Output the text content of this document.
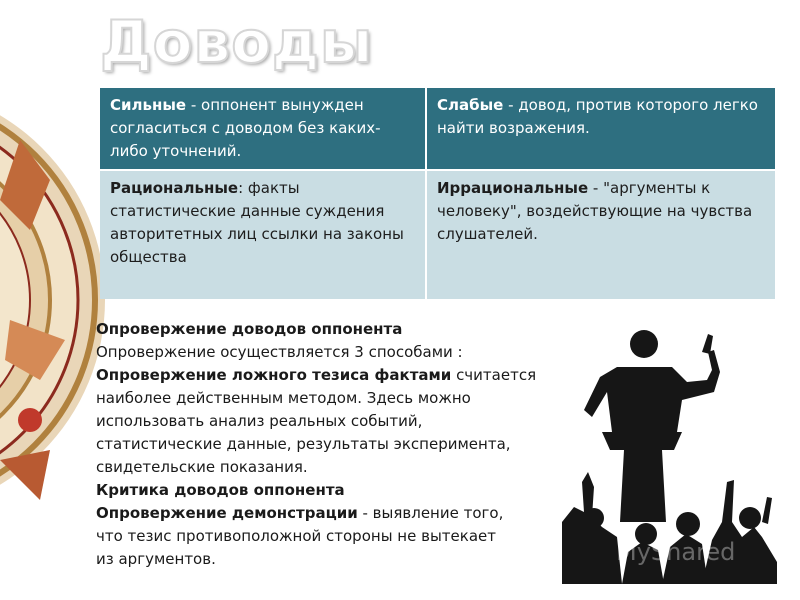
Доводы
Сильные - оппонент вынужден согласиться с доводом без каких-либо уточнений.	Слабые - довод, против которого легко найти возражения.
Рациональные: факты статистические данные суждения авторитетных лиц ссылки на законы общества	Иррациональные - "аргументы к человеку", воздействующие на чувства слушателей.
Опровержение доводов оппонента
Опровержение осуществляется 3 способами :
Опровержение ложного тезиса фактами считается
наиболее действенным методом. Здесь можно
использовать анализ реальных событий,
статистические данные, результаты эксперимента,
свидетельские показания.
Критика доводов оппонента
Опровержение демонстрации - выявление того,
что тезис противоположной стороны не вытекает
из аргументов.	MyShared
